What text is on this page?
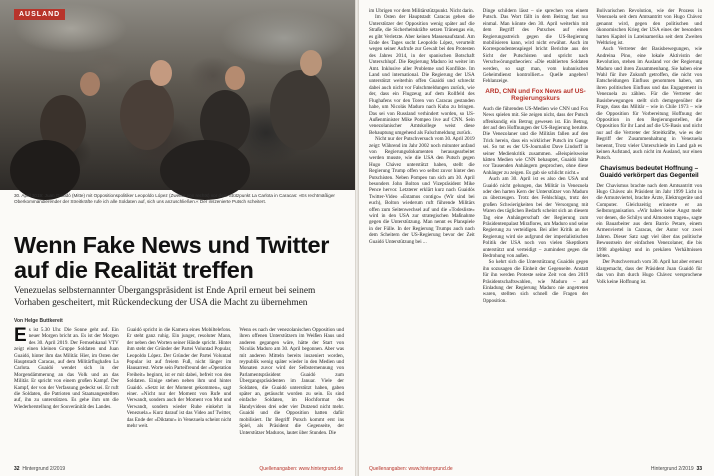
AUSLAND
30. April 2019: Juan Guaidó (Mitte) mit Oppositionspolitiker Leopoldo López (Zweiter von rechts) vor dem Stützpunkt La Carlota in Caracas: »Es rechtmäßiger Oberkommandierender der Streitkräfte rufe ich alle Soldaten auf, sich uns anzuschließen.« Der inszenierte Putsch scheitert.
Wenn Fake News und Twitter auf die Realität treffen

Venezuelas selbsternannter Übergangspräsident ist Ende April erneut bei seinem Vorhaben gescheitert, mit Rückendeckung der USA die Macht zu übernehmen

Von Helge Buttkereit

Es ist 5.30 Uhr. Die Sonne geht auf. Ein neuer Morgen bricht an. Es ist der Morgen des 30. April 2019. Der Fernsehkanal VTV zeigt einen kleinen Gruppe Soldaten und Juan Guaidó, hinter ihm das Militär. Hier, im Osten der Hauptstadt Caracas, auf dem Militärflughafen La Carlota. Guaidó wendet sich in der Morgendämmerung an das Volk und an das Militär. Er spricht von einem großen Kampf. Der Kampf, der von der Verfassung gedeckt sei. Er ruft die Soldaten, die Patrioten und Staatsangestellten auf, ihn zu unterstützen. Es gehe ihm um die Wiederherstellung der Souveränität des Landes.

Guaidó spricht in die Kamera eines Mobiltelefons. Er steht ganz ruhig. Ein junger, resoluter Mann, der neben den Worten seiner Hände spricht. Hinter ihm steht der Gründer der Partei Voluntad Popular, Leopoldo López. Der Gründer der Partei Voluntad Popular ist auf freiem Fuß, nicht länger im Hausarrest. Worte sein Parteifreund der »Operation Freiheit« beginnt, ist er mit dabei, befreit von den Soldaten. Einige stehen neben ihm und hinter Guaidó. »Setzt ist der Moment gekommen«, sagt einer. »Nicht nur der Moment von Rufe und Verwandt, sondern auch der Moment von Mut und Verwandt, sondern wieder Ruhe einkehrt in Venezuela.« Kurz darauf ist das Video auf Twitter, das Ende der »Diktatur« in Venezuela scheint nicht mehr weit.

Wenn es nach der venezolanischen Opposition und ihren offenen Unterstützern im Weißen Haus und anderen gegangen wäre, hätte der Start von Nicolás Maduro am 30. April begonnen. Aber was mit anderen Mitteln bereits inszeniert worden, reypublik wenig später wieder in den Medien und Monaten zuvor wird der Selbsternennung von Parlamentspräsident Guaidó zum Übergangspräsidenten im Januar. Viele der Soldaten, die Guaidó unterstützt haben, gaben später an, getäuscht worden zu sein. Es sind einfache Soldaten, im Hochformat des Handyvideos drei oder vier Dutzend nicht mehr. Guaidó und die Opposition hatten dafür mobilisiert. Ihr Begriff Putsch kommt erst ins Spiel, als Präsident die Gegenseite, der Unterstützer Maduros, lautet über Stunden. Die

32 Hintergrund 2/2019	Quellenangaben: www.hintergrund.de

im Übrigen vor dem Militärstützpunkt. Nicht darin.

Im Osten der Hauptstadt Caracas gehen die Unterstützer der Opposition wenig später auf die Straße, die Sicherheitskräfte setzen Tränengas ein, es gibt Verletzte. Aber keinen Massenaufstand. Am Ende des Tages sucht Leopoldo López, verurteilt wegen seiner Aufrufe zur Gewalt bei den Protesten des Jahres 2014, in der spanischen Botschaft Unterschlupf. Die Regierung Maduro ist weiter im Amt. Inklusive aller Probleme und Konflikte. Im Land und international. Die Regierung der USA unterstützt weiterhin offen Guaidó und schreckt dabei auch nicht vor Falschmeldungen zurück, wie der, dass ein Flugzeug auf dem Rollfeld des Flughafens vor den Toren von Caracas gestanden habe, um Nicolás Maduro nach Kuba zu bringen. Das sei von Russland verhindert worden, so US-Außenminister Mike Pompeo live auf CNN. Sein venezolanischer Amtskollege weist diese Behauptung umgehend als Falschmeldung zurück.

Nicht nur der Putschversuch vom 30. April 2019 zeigt: Während im Jahr 2002 noch mitunter anfand von Regierungsdokumenten herausgearbeitet werden musste, wie die USA den Putsch gegen Hugo Chávez unterstützt haben, stellt die Regierung Trump offen wo selbst zuvor hinter den Putschisten. Neben Pompeo tun sich am 30. April besonders John Bolton und Vizepräsident Mike Pence hervor. Letzterer erklärt kurz nach Guaidós Twitter-Video »Estamos contigo« (Wir sind bei euch), Bolton wiederum ruft führende Militärs offen zum Seitenwechsel auf und die »Todesliste« wird in den USA zur strategischen Maßnahme gegen die Unterstützung. Man nennt es Planspiele in der Fülle. In der Regierung Trumps auch nach dem Scheitern der US-Regierung bevor der Zeit Guaidó Unterstützung bei ...

Dinge schildern lässt – sie sprechen von einem Putsch. Das Wort fällt in dem Beitrag fast nur einmal. Man könnte den 30. April weiterhin mit dem Begriff des Putsches auf einen Regierungsstreich gegen die US-Regierung mobilisieren kann, wird nicht erwähnt. Auch im Korrespondentenspiegel bricht Berichte aus der Sicht der Putschisten und spricht nach Verschwörungstheorien: »Die etablierten Soldaten werden, so sagt man, vom kubanischen Geheimdienst kontrolliert.« Quelle angeben? Fehlanzeige.

ARD, CNN und Fox News auf US-Regierungskurs

Auch die führenden US-Medien wie CNN und Fox News spielen mit. Sie zeigen nicht, dass der Putsch offenkundig ein Betrug gewesen ist. Ein Betrug, der auf den Hoffnungen der US-Regierung beruhte. Die Venezolaner und die Militärs fallen auf den Trick herein, dass ein wirklicher Putsch im Gange sei. So tut es der US-Journalist Dave Lindorff in seiner Medienkritik zusammen. »Beispielsweise hätten Medien wie CNN behauptet, Guaidó hätte vor Tausenden Anhängern gesprochen, ohne diese Anhänger zu zeigen. Es gab sie schlicht nicht.«

Auch am 30. April ist es also den USA und Guaidó nicht gelungen, das Militär in Venezuela oder den harten Kern der Unterstützer von Maduro zu überzeugen. Trotz des Fehlschlags, trotz der großen Schwierigkeiten bei der Versorgung mit Waren des täglichen Bedarfs scheint sich an diesem Tag eine Anhängerschaft der Regierung zum Präsidentenpalast Miraflores, um Maduro und seine Regierung zu verteidigen. Bei aller Kritik an der Regierung wird sie aufgrund der imperialistischen Politik der USA noch von vielen Skeptikern unterstützt und verteidigt – zumindest gegen die Bedrohung von außen.

So kehrt sich die Unterstützung Guaidós gegen ihn sozusagen die Einheit der Gegenseite. Anstatt für ihn werden Proteste seine Zeit von den 2019 Präsidentschaftswahlen, wie Maduro – auf Einladung der Regierung Maduro nie angetreten waren, stellten sich schnell die Fragen der Opposition.

Bolivarischen Revolution, wie der Prozess in Venezuela seit dem Amtsantritt von Hugo Chávez genannt wird, gegen den politischen und ökonomischen Krieg der USA eines der besonders harten Kapitel in Lateinamerika seit dem Zweiten Weltkrieg ist.

Auch Vertreter der Basisbewegungen, wie Andreina Pino, eine lokale Aktivistin der Revolution, stehen im Ausland vor der Regierung Maduro und ihren Zusammenhang. Sie haben eine Wahl für ihre Zukunft getroffen, die nicht von Entscheidungen Einfluss genommen haben, um ihren politischen Einfluss und das Engagement in Venezuela zu zählen. Für die Vertreter der Basisbewegungen stellt sich demgegenüber die Frage, dass das Militär – wie in Chile 1973 – wie die Opposition für Vorbereitung Hoffnung der Opposition in den Regierungsstellen, die Opposition für ihr Land auf die US-Basis und nicht nur auf die Vertreter der Streitkräfte, wie es der Begriff der Zusammenhaltung in Venezuela benennt, Trotz vieler Unterschiede im Land gab es keinen Aufstand, auch nicht im Ausland, nur einen Putsch.

Chavismus bedeutet Hoffnung – Guaidó verkörpert das Gegenteil

Der Chavismus brachte nach dem Amtsantritt von Hugo Chávez als Präsident im Jahr 1999 Licht in die Armutsviertel, brachte Ärzte, Elektrogeräte und Computer. Gleichzeitig erinnerte er an Selbstorganisation. »Wir haben keine Angst mehr vor denen, die Schilys und Almosten tragen«, sagte ein Bauarbeiter aus dem Barrio Petare, einem Armenviertel in Caracas, der Autor vor zwei Jahren. Dieser Satz sagt viel über das politische Bewusstsein der einfachen Venezolaner, die bis 1998 abgehängt und in prekären Verhältnissen lebten.

Der Putschversuch vom 30. April hat aber erneut klargemacht, dass der Präsident Juan Guaidó für das von ihm durch Hugo Chávez versprochene Volk keine Hoffnung ist.

Quellenangaben: www.hintergrund.de	Hintergrund 2/2019 33
